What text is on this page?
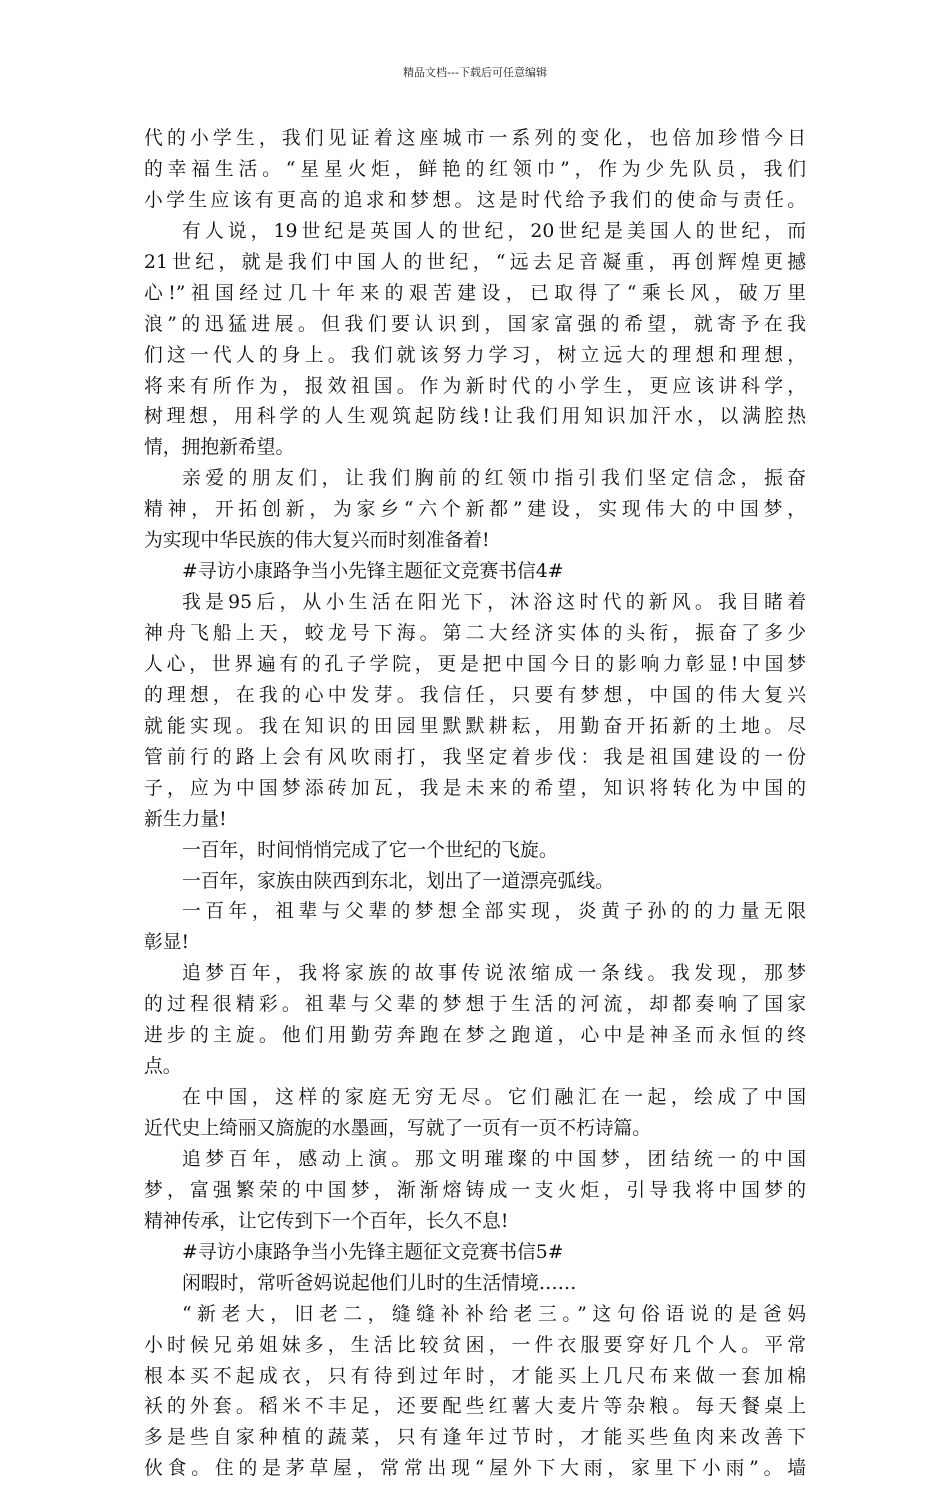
精品文档---下载后可任意编辑
代的小学生，我们见证着这座城市一系列的变化，也倍加珍惜今日
的幸福生活。“星星火炬，鲜艳的红领巾”，作为少先队员，我们
小学生应该有更高的追求和梦想。这是时代给予我们的使命与责任。
有人说，19世纪是英国人的世纪，20世纪是美国人的世纪，而
21世纪，就是我们中国人的世纪，“远去足音凝重，再创辉煌更撼
心!”祖国经过几十年来的艰苦建设，已取得了“乘长风，破万里
浪”的迅猛进展。但我们要认识到，国家富强的希望，就寄予在我
们这一代人的身上。我们就该努力学习，树立远大的理想和理想，
将来有所作为，报效祖国。作为新时代的小学生，更应该讲科学，
树理想，用科学的人生观筑起防线!让我们用知识加汗水，以满腔热
情，拥抱新希望。
亲爱的朋友们，让我们胸前的红领巾指引我们坚定信念，振奋
精神，开拓创新，为家乡“六个新都”建设，实现伟大的中国梦，
为实现中华民族的伟大复兴而时刻准备着!
#寻访小康路争当小先锋主题征文竞赛书信4#
我是95后，从小生活在阳光下，沐浴这时代的新风。我目睹着
神舟飞船上天，蛟龙号下海。第二大经济实体的头衔，振奋了多少
人心，世界遍有的孔子学院，更是把中国今日的影响力彰显!中国梦
的理想，在我的心中发芽。我信任，只要有梦想，中国的伟大复兴
就能实现。我在知识的田园里默默耕耘，用勤奋开拓新的土地。尽
管前行的路上会有风吹雨打，我坚定着步伐：我是祖国建设的一份
子，应为中国梦添砖加瓦，我是未来的希望，知识将转化为中国的
新生力量!
一百年，时间悄悄完成了它一个世纪的飞旋。
一百年，家族由陕西到东北，划出了一道漂亮弧线。
一百年，祖辈与父辈的梦想全部实现，炎黄子孙的的力量无限
彰显!
追梦百年，我将家族的故事传说浓缩成一条线。我发现，那梦
的过程很精彩。祖辈与父辈的梦想于生活的河流，却都奏响了国家
进步的主旋。他们用勤劳奔跑在梦之跑道，心中是神圣而永恒的终
点。
在中国，这样的家庭无穷无尽。它们融汇在一起，绘成了中国
近代史上绮丽又旖旎的水墨画，写就了一页有一页不朽诗篇。
追梦百年，感动上演。那文明璀璨的中国梦，团结统一的中国
梦，富强繁荣的中国梦，渐渐熔铸成一支火炬，引导我将中国梦的
精神传承，让它传到下一个百年，长久不息!
#寻访小康路争当小先锋主题征文竞赛书信5#
闲暇时，常听爸妈说起他们儿时的生活情境……
“新老大，旧老二，缝缝补补给老三。”这句俗语说的是爸妈
小时候兄弟姐妹多，生活比较贫困，一件衣服要穿好几个人。平常
根本买不起成衣，只有待到过年时，才能买上几尺布来做一套加棉
袄的外套。稻米不丰足，还要配些红薯大麦片等杂粮。每天餐桌上
多是些自家种植的蔬菜，只有逢年过节时，才能买些鱼肉来改善下
伙食。住的是茅草屋，常常出现“屋外下大雨，家里下小雨”。墙
